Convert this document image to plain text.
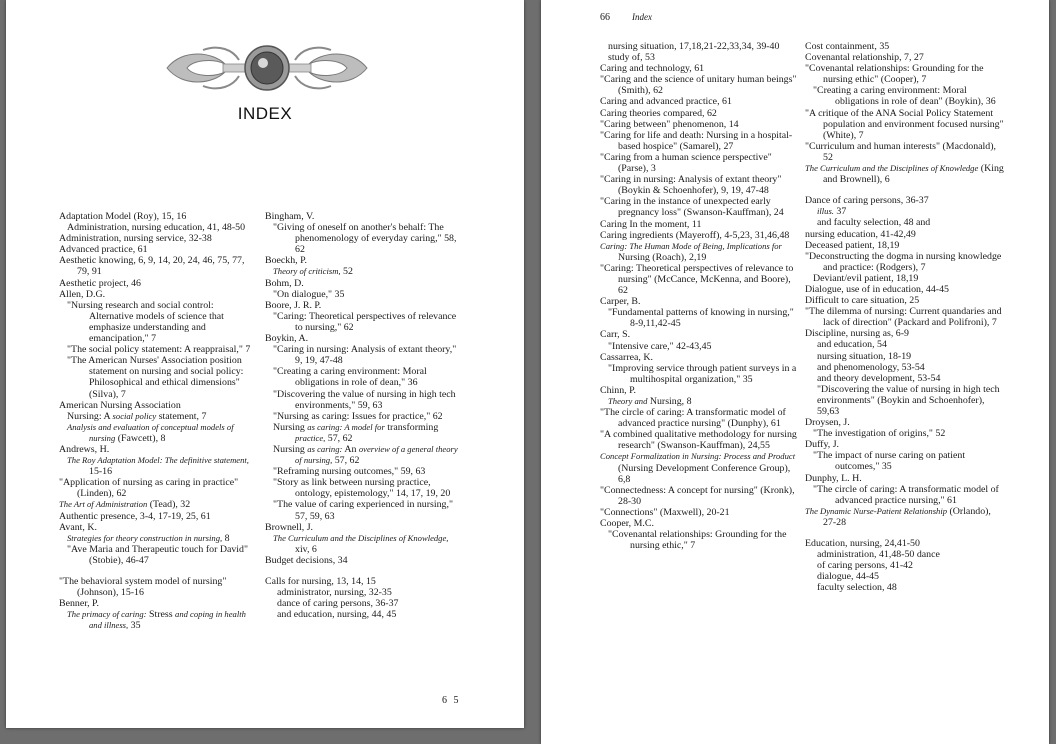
INDEX
Adaptation Model (Roy), 15, 16
Administration, nursing education, 41, 48-50
Administration, nursing service, 32-38
Advanced practice, 61
Aesthetic knowing, 6, 9, 14, 20, 24, 46, 75, 77, 79, 91
Aesthetic project, 46
Allen, D.G.
"Nursing research and social control: Alternative models of science that emphasize understanding and emancipation," 7
"The social policy statement: A reappraisal," 7
"The American Nurses' Association position statement on nursing and social policy: Philosophical and ethical dimensions" (Silva), 7
American Nursing Association
Nursing: A social policy statement, 7
Analysis and evaluation of conceptual models of nursing (Fawcett), 8
Andrews, H.
The Roy Adaptation Model: The definitive statement, 15-16
"Application of nursing as caring in practice" (Linden), 62
The Art of Administration (Tead), 32
Authentic presence, 3-4, 17-19, 25, 61
Avant, K.
Strategies for theory construction in nursing, 8
"Ave Maria and Therapeutic touch for David" (Stobie), 46-47
"The behavioral system model of nursing" (Johnson), 15-16
Benner, P.
The primacy of caring: Stress and coping in health and illness, 35
Bingham, V.
"Giving of oneself on another's behalf: The phenomenology of everyday caring," 58, 62
Boeckh, P.
Theory of criticism, 52
Bohm, D.
"On dialogue," 35
Boore, J. R. P.
"Caring: Theoretical perspectives of relevance to nursing," 62
Boykin, A.
"Caring in nursing: Analysis of extant theory," 9, 19, 47-48
"Creating a caring environment: Moral obligations in role of dean," 36
"Discovering the value of nursing in high tech environments," 59, 63
"Nursing as caring: Issues for practice," 62
Nursing as caring: A model for transforming practice, 57, 62
Nursing as caring: An overview of a general theory of nursing, 57, 62
"Reframing nursing outcomes," 59, 63
"Story as link between nursing practice, ontology, epistemology," 14, 17, 19, 20
"The value of caring experienced in nursing," 57, 59, 63
Brownell, J.
The Curriculum and the Disciplines of Knowledge, xiv, 6
Budget decisions, 34
Calls for nursing, 13, 14, 15
administrator, nursing, 32-35
dance of caring persons, 36-37
and education, nursing, 44, 45
6 5
66 Index
nursing situation, 17,18,21-22,33,34, 39-40
study of, 53
Caring and technology, 61
"Caring and the science of unitary human beings" (Smith), 62
Caring and advanced practice, 61
Caring theories compared, 62
"Caring between" phenomenon, 14
"Caring for life and death: Nursing in a hospital-based hospice" (Samarel), 27
"Caring from a human science perspective" (Parse), 3
"Caring in nursing: Analysis of extant theory" (Boykin & Schoenhofer), 9, 19, 47-48
"Caring in the instance of unexpected early pregnancy loss" (Swanson-Kauffman), 24
Caring In the moment, 11
Caring ingredients (Mayeroff), 4-5,23, 31,46,48
Caring: The Human Mode of Being, Implications for Nursing (Roach), 2,19
"Caring: Theoretical perspectives of relevance to nursing" (McCance, McKenna, and Boore), 62
Carper, B.
"Fundamental patterns of knowing in nursing," 8-9,11,42-45
Carr, S.
"Intensive care," 42-43,45
Cassarrea, K.
"Improving service through patient surveys in a multihospital organization," 35
Chinn, P.
Theory and Nursing, 8
"The circle of caring: A transformatic model of advanced practice nursing" (Dunphy), 61
"A combined qualitative methodology for nursing research" (Swanson-Kauffman), 24,55
Concept Formalization in Nursing: Process and Product (Nursing Development Conference Group), 6,8
"Connectedness: A concept for nursing" (Kronk), 28-30
"Connections" (Maxwell), 20-21
Cooper, M.C.
"Covenantal relationships: Grounding for the nursing ethic," 7
Cost containment, 35
Covenantal relationship, 7, 27
"Covenantal relationships: Grounding for the nursing ethic" (Cooper), 7
"Creating a caring environment: Moral obligations in role of dean" (Boykin), 36
"A critique of the ANA Social Policy Statement population and environment focused nursing" (White), 7
"Curriculum and human interests" (Macdonald), 52
The Curriculum and the Disciplines of Knowledge (King and Brownell), 6
Dance of caring persons, 36-37
illus. 37
and faculty selection, 48 and
nursing education, 41-42,49
Deceased patient, 18,19
"Deconstructing the dogma in nursing knowledge and practice: (Rodgers), 7
Deviant/evil patient, 18,19
Dialogue, use of in education, 44-45
Difficult to care situation, 25
"The dilemma of nursing: Current quandaries and lack of direction" (Packard and Polifroni), 7
Discipline, nursing as, 6-9
and education, 54
nursing situation, 18-19
and phenomenology, 53-54
and theory development, 53-54
"Discovering the value of nursing in high tech environments" (Boykin and Schoenhofer), 59,63
Droysen, J.
"The investigation of origins," 52
Duffy, J.
"The impact of nurse caring on patient outcomes," 35
Dunphy, L. H.
"The circle of caring: A transformatic model of advanced practice nursing," 61
The Dynamic Nurse-Patient Relationship (Orlando), 27-28
Education, nursing, 24,41-50
administration, 41,48-50 dance
of caring persons, 41-42
dialogue, 44-45
faculty selection, 48
